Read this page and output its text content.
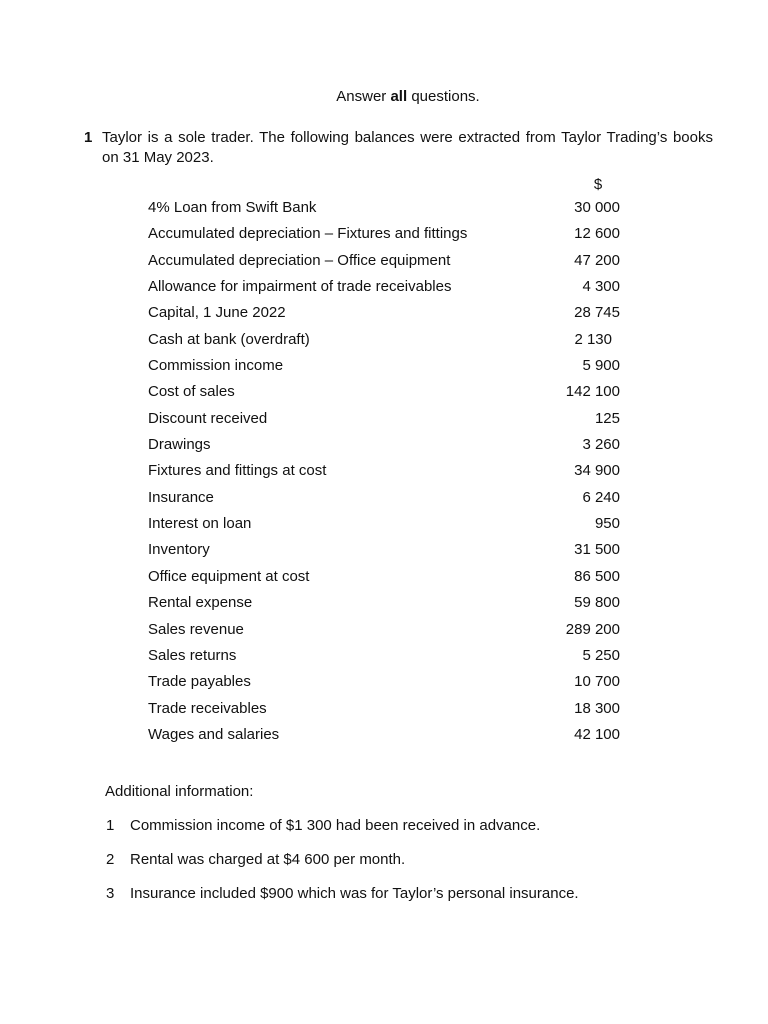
Answer all questions.
1 Taylor is a sole trader. The following balances were extracted from Taylor Trading’s books on 31 May 2023.
$
4% Loan from Swift Bank	30 000
Accumulated depreciation – Fixtures and fittings	12 600
Accumulated depreciation – Office equipment	47 200
Allowance for impairment of trade receivables	4 300
Capital, 1 June 2022	28 745
Cash at bank (overdraft)	2 130
Commission income	5 900
Cost of sales	142 100
Discount received	125
Drawings	3 260
Fixtures and fittings at cost	34 900
Insurance	6 240
Interest on loan	950
Inventory	31 500
Office equipment at cost	86 500
Rental expense	59 800
Sales revenue	289 200
Sales returns	5 250
Trade payables	10 700
Trade receivables	18 300
Wages and salaries	42 100
Additional information:
1 Commission income of $1 300 had been received in advance.
2 Rental was charged at $4 600 per month.
3 Insurance included $900 which was for Taylor’s personal insurance.
